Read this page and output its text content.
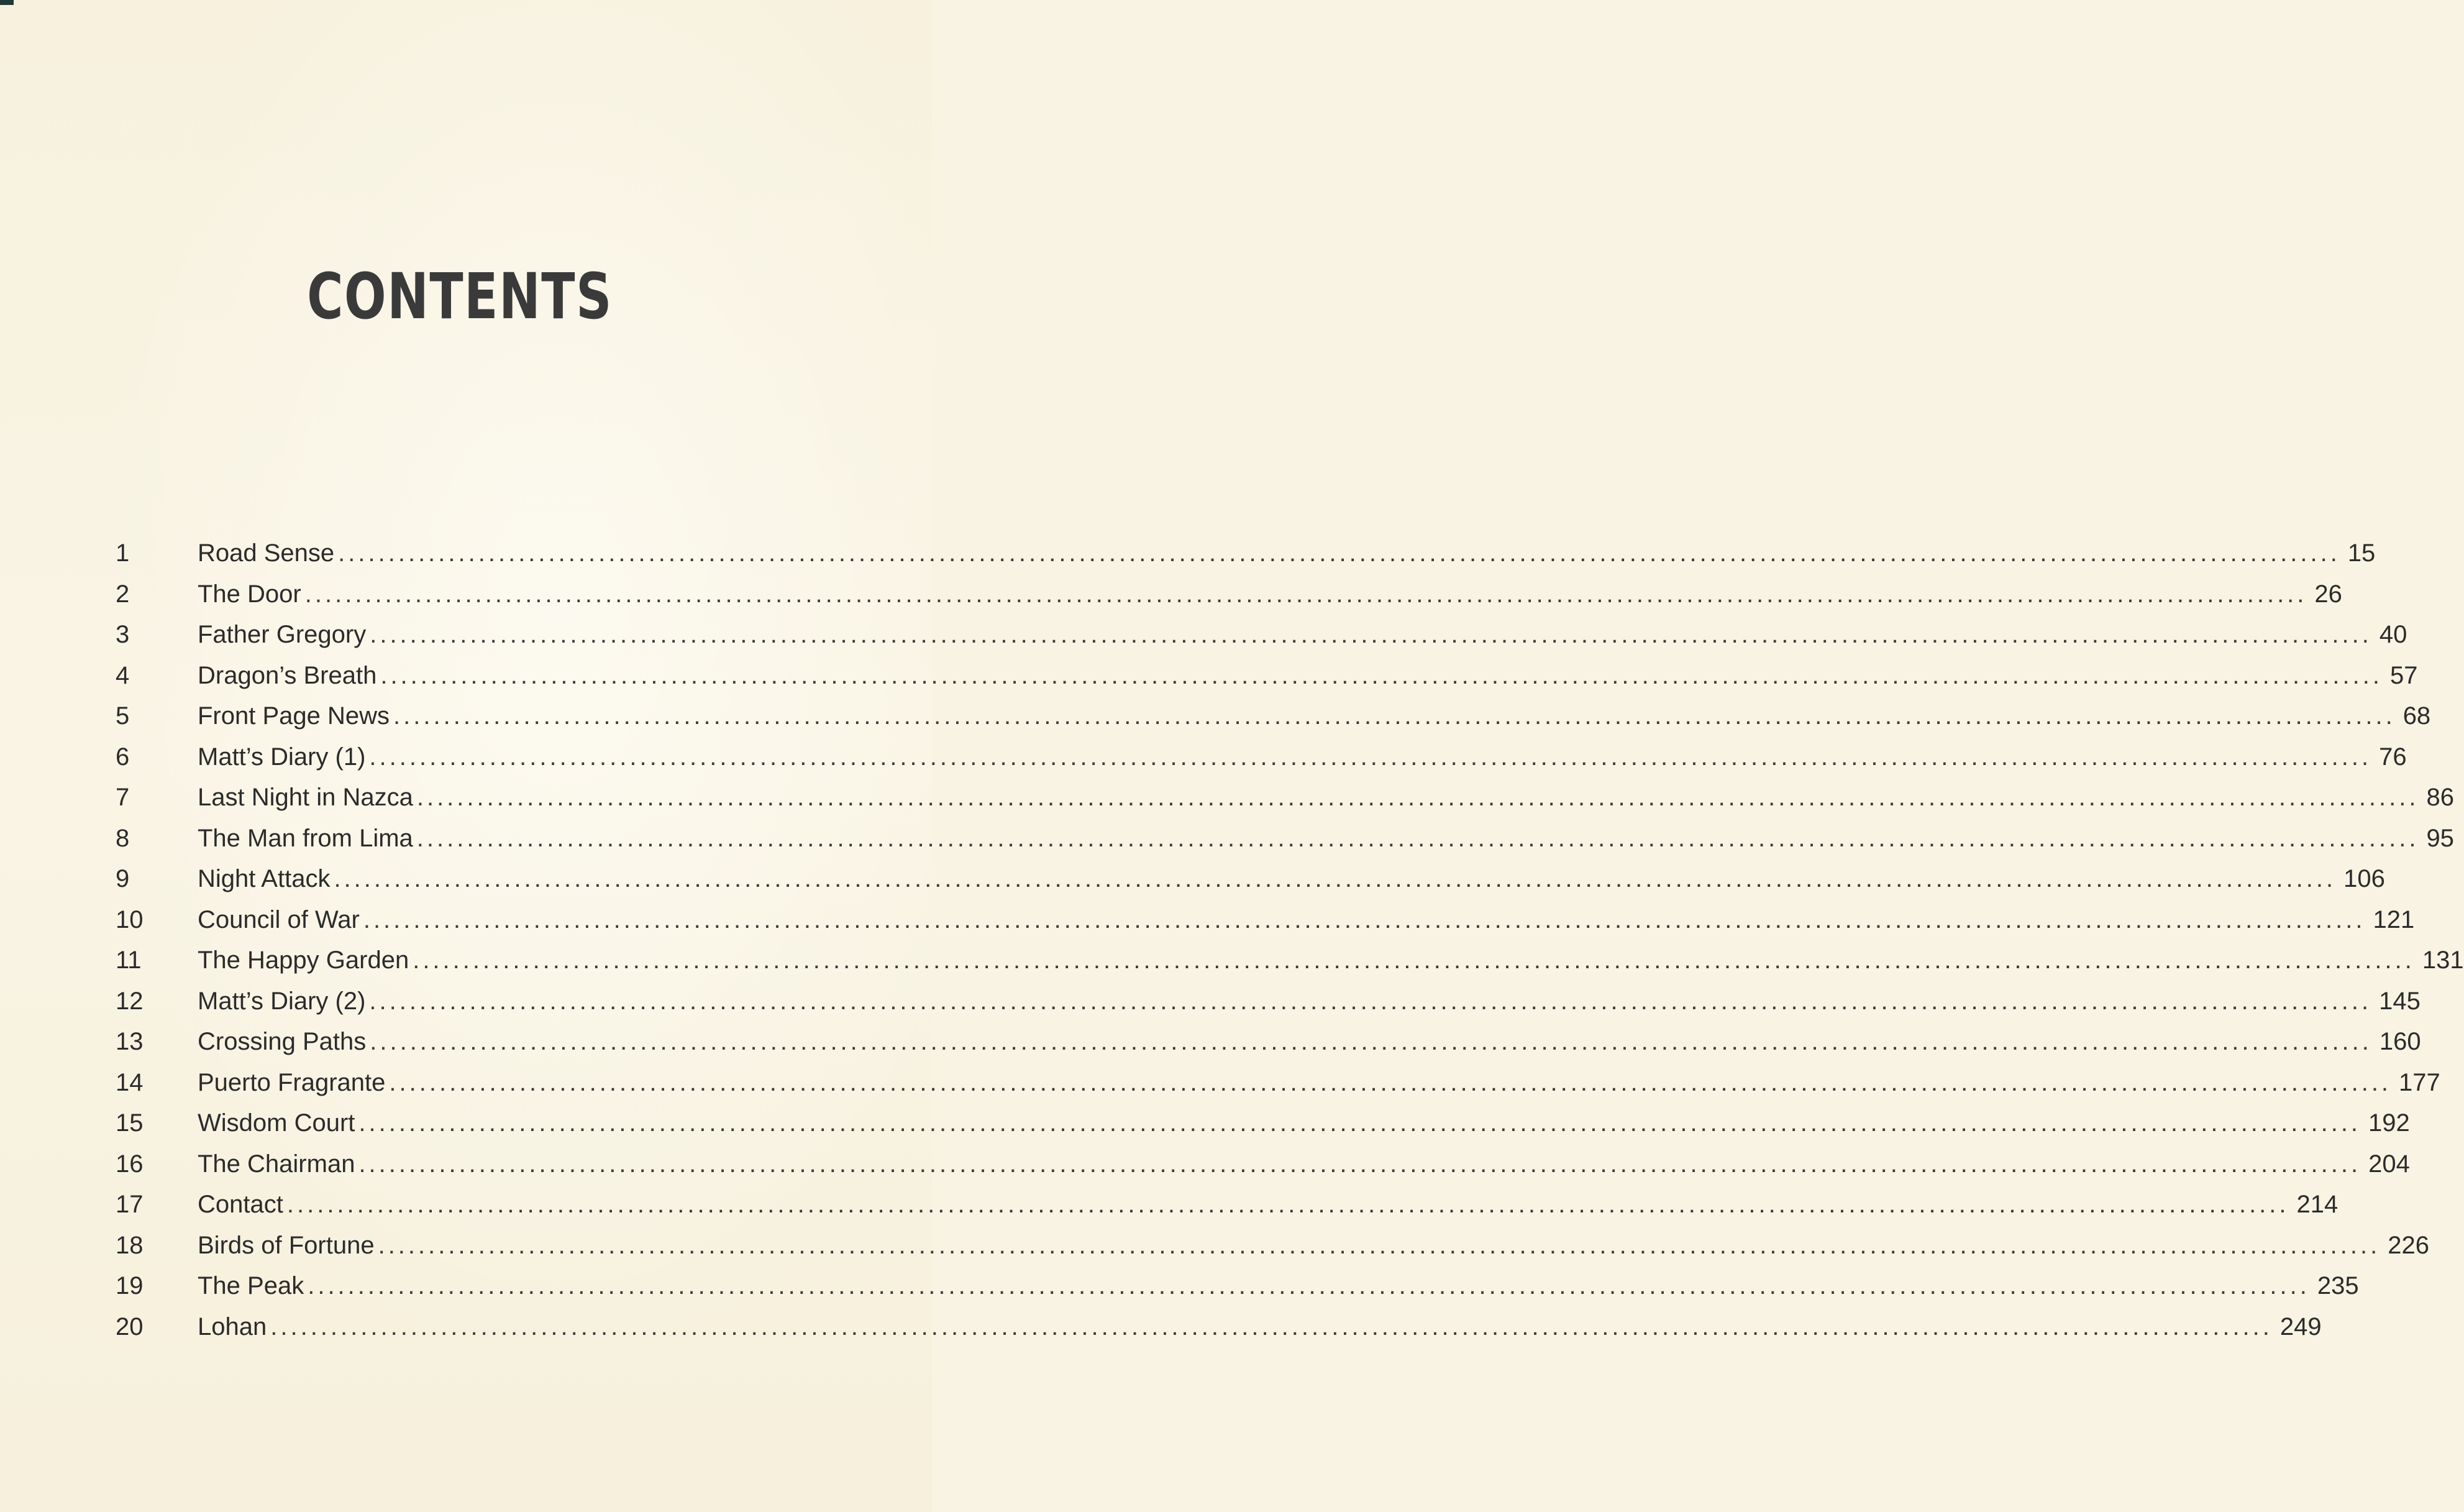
CONTENTS
1	Road Sense ........................................................................................................................................................................................................ 15
2	The Door ........................................................................................................................................................................................................ 26
3	Father Gregory ........................................................................................................................................................................................................ 40
4	Dragon’s Breath ........................................................................................................................................................................................................ 57
5	Front Page News ........................................................................................................................................................................................................ 68
6	Matt’s Diary (1) ........................................................................................................................................................................................................ 76
7	Last Night in Nazca ........................................................................................................................................................................................................ 86
8	The Man from Lima ........................................................................................................................................................................................................ 95
9	Night Attack ........................................................................................................................................................................................................ 106
10	Council of War ........................................................................................................................................................................................................ 121
11	The Happy Garden ........................................................................................................................................................................................................ 131
12	Matt’s Diary (2) ........................................................................................................................................................................................................ 145
13	Crossing Paths ........................................................................................................................................................................................................ 160
14	Puerto Fragrante ........................................................................................................................................................................................................ 177
15	Wisdom Court ........................................................................................................................................................................................................ 192
16	The Chairman ........................................................................................................................................................................................................ 204
17	Contact ........................................................................................................................................................................................................ 214
18	Birds of Fortune ........................................................................................................................................................................................................ 226
19	The Peak ........................................................................................................................................................................................................ 235
20	Lohan ........................................................................................................................................................................................................ 249
